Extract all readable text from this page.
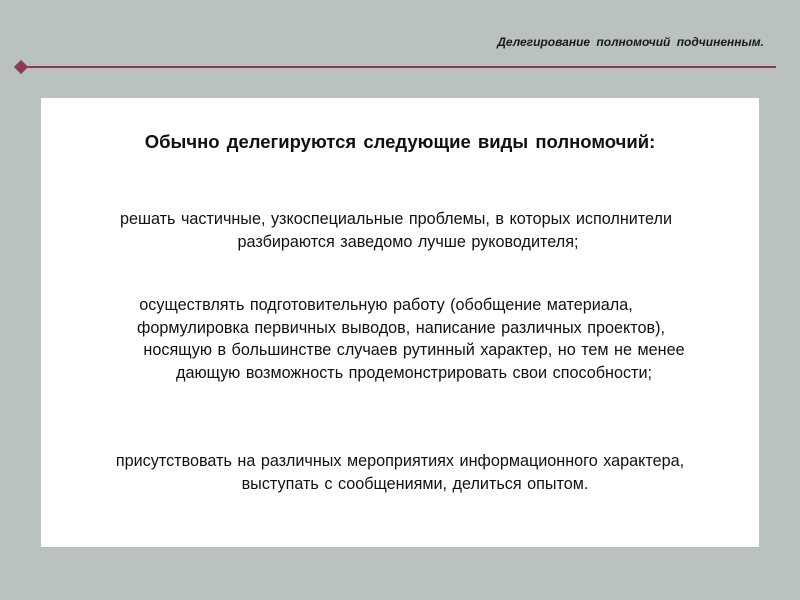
Делегирование полномочий подчиненным.
Обычно делегируются следующие виды полномочий:
решать частичные, узкоспециальные проблемы, в которых исполнители
разбираются заведомо лучше руководителя;
осуществлять подготовительную работу (обобщение материала,
формулировка первичных выводов, написание различных проектов),
носящую в большинстве случаев рутинный характер, но тем не менее
дающую возможность продемонстрировать свои способности;
присутствовать на различных мероприятиях информационного характера,
выступать с сообщениями, делиться опытом.
